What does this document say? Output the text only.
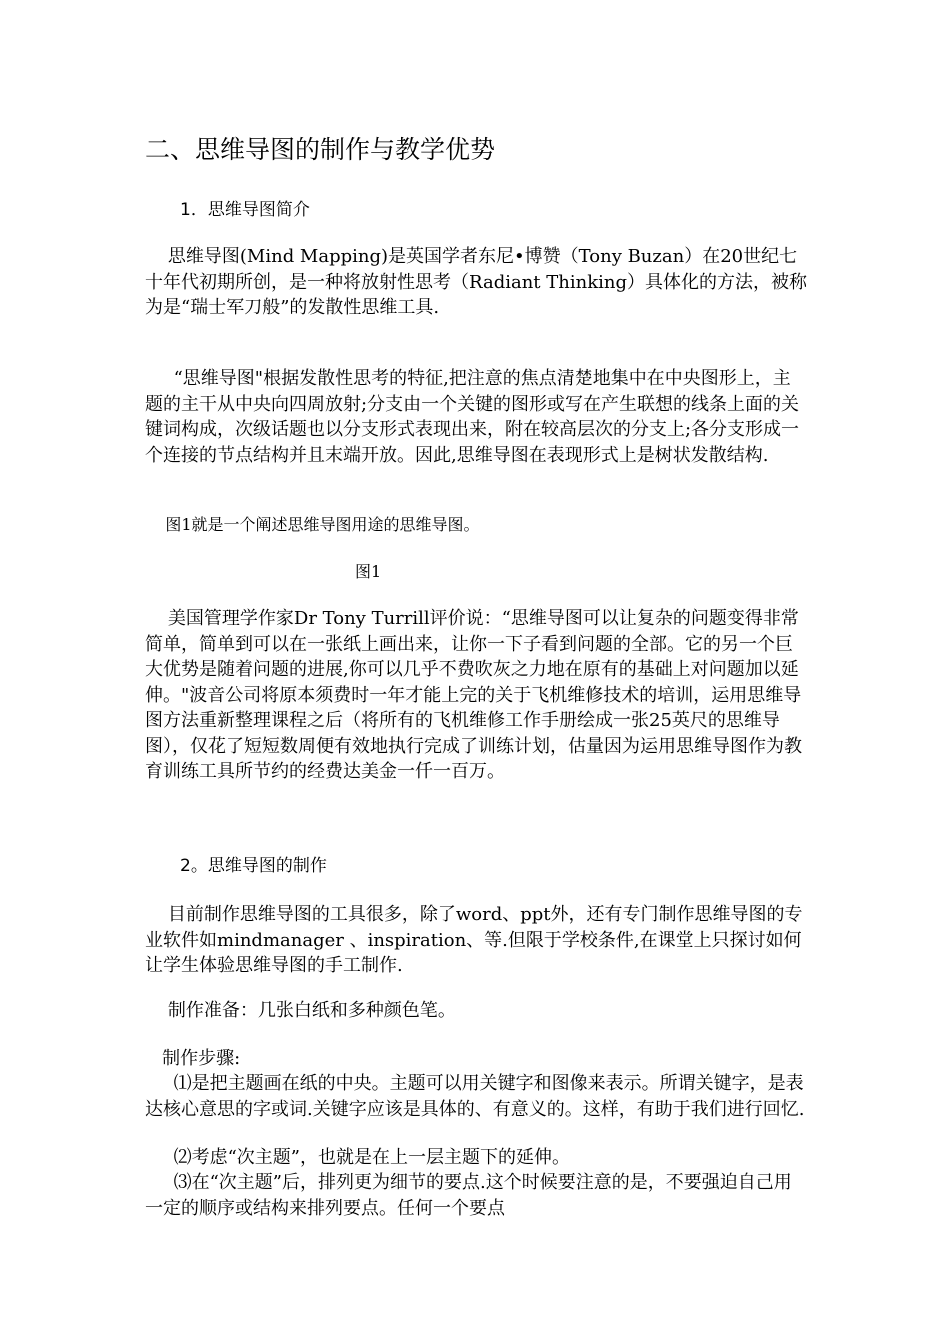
二、思维导图的制作与教学优势
1．思维导图简介

思维导图(Mind Mapping)是英国学者东尼•博赞（Tony Buzan）在20世纪七十年代初期所创，是一种将放射性思考（Radiant Thinking）具体化的方法，被称为是“瑞士军刀般”的发散性思维工具.

“思维导图"根据发散性思考的特征,把注意的焦点清楚地集中在中央图形上，主题的主干从中央向四周放射;分支由一个关键的图形或写在产生联想的线条上面的关键词构成，次级话题也以分支形式表现出来，附在较高层次的分支上;各分支形成一个连接的节点结构并且末端开放。因此,思维导图在表现形式上是树状发散结构.

图1就是一个阐述思维导图用途的思维导图。

图1

美国管理学作家Dr Tony Turrill评价说：“思维导图可以让复杂的问题变得非常简单，简单到可以在一张纸上画出来，让你一下子看到问题的全部。它的另一个巨大优势是随着问题的进展,你可以几乎不费吹灰之力地在原有的基础上对问题加以延伸。"波音公司将原本须费时一年才能上完的关于飞机维修技术的培训，运用思维导图方法重新整理课程之后（将所有的飞机维修工作手册绘成一张25英尺的思维导图），仅花了短短数周便有效地执行完成了训练计划，估量因为运用思维导图作为教育训练工具所节约的经费达美金一仟一百万。

2。思维导图的制作

目前制作思维导图的工具很多，除了word、ppt外，还有专门制作思维导图的专业软件如mindmanager 、inspiration、等.但限于学校条件,在课堂上只探讨如何让学生体验思维导图的手工制作.

制作准备：几张白纸和多种颜色笔。

制作步骤:

⑴是把主题画在纸的中央。主题可以用关键字和图像来表示。所谓关键字，是表达核心意思的字或词.关键字应该是具体的、有意义的。这样，有助于我们进行回忆.

⑵考虑“次主题”，也就是在上一层主题下的延伸。

⑶在“次主题”后，排列更为细节的要点.这个时候要注意的是，不要强迫自己用一定的顺序或结构来排列要点。任何一个要点
